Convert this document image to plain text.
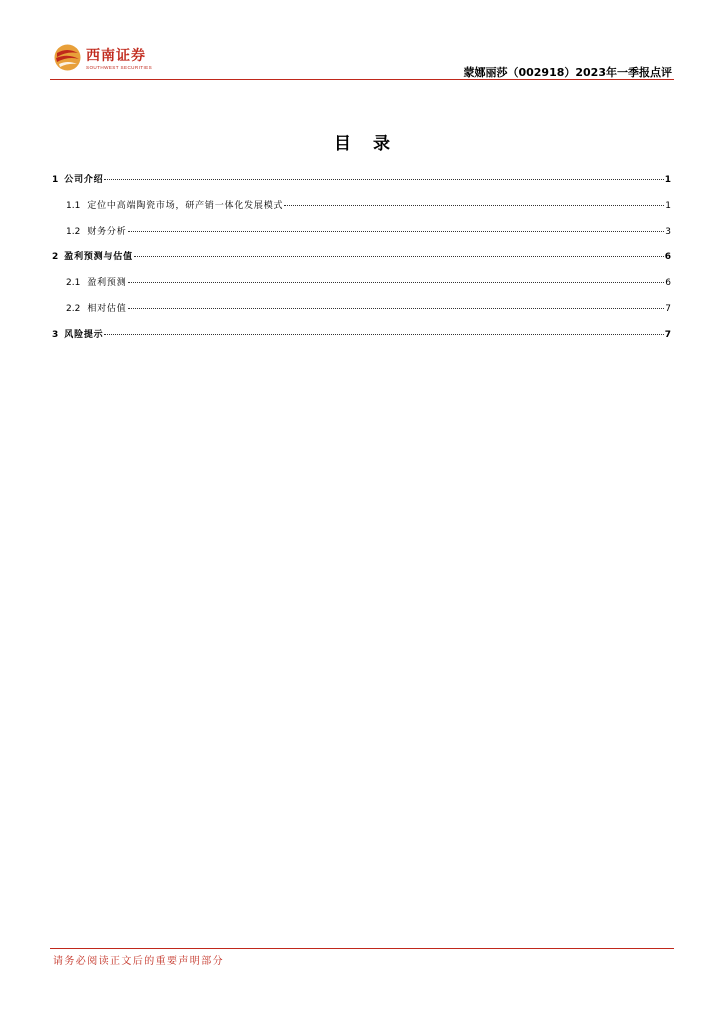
西南证券
SOUTHWEST SECURITIES	蒙娜丽莎（002918）2023年一季报点评
目 录
1 公司介绍	1
1.1 定位中高端陶瓷市场，研产销一体化发展模式	1
1.2 财务分析	3
2 盈利预测与估值	6
2.1 盈利预测	6
2.2 相对估值	7
3 风险提示	7
请务必阅读正文后的重要声明部分
